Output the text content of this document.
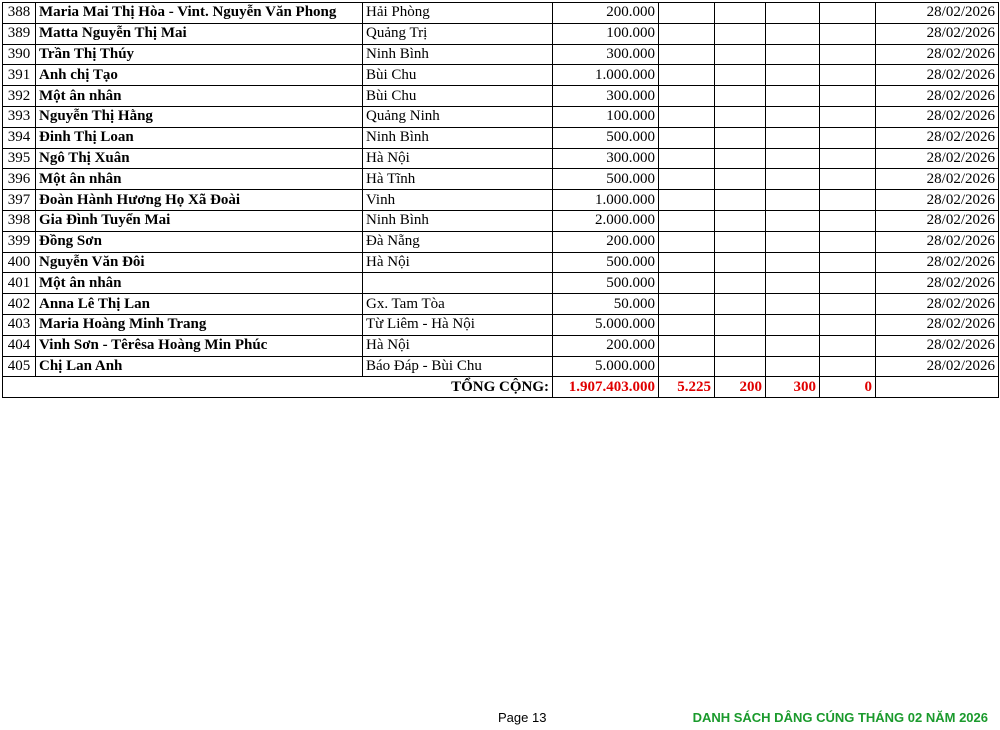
388	Maria Mai Thị Hòa - Vint. Nguyễn Văn Phong	Hải Phòng	200.000					28/02/2026
389	Matta Nguyễn Thị Mai	Quảng Trị	100.000					28/02/2026
390	Trần Thị Thúy	Ninh Bình	300.000					28/02/2026
391	Anh chị Tạo	Bùi Chu	1.000.000					28/02/2026
392	Một ân nhân	Bùi Chu	300.000					28/02/2026
393	Nguyễn Thị Hằng	Quảng Ninh	100.000					28/02/2026
394	Đinh Thị Loan	Ninh Bình	500.000					28/02/2026
395	Ngô Thị Xuân	Hà Nội	300.000					28/02/2026
396	Một ân nhân	Hà Tĩnh	500.000					28/02/2026
397	Đoàn Hành Hương Họ Xã Đoài	Vinh	1.000.000					28/02/2026
398	Gia Đình Tuyển Mai	Ninh Bình	2.000.000					28/02/2026
399	Đồng Sơn	Đà Nẵng	200.000					28/02/2026
400	Nguyễn Văn Đôi	Hà Nội	500.000					28/02/2026
401	Một ân nhân		500.000					28/02/2026
402	Anna Lê Thị Lan	Gx. Tam Tòa	50.000					28/02/2026
403	Maria Hoàng Minh Trang	Từ Liêm - Hà Nội	5.000.000					28/02/2026
404	Vinh Sơn - Têrêsa Hoàng Min Phúc	Hà Nội	200.000					28/02/2026
405	Chị Lan Anh	Báo Đáp - Bùi Chu	5.000.000					28/02/2026
TỔNG CỘNG:			1.907.403.000	5.225	200	300	0	
Page 13	DANH SÁCH DÂNG CÚNG THÁNG 02 NĂM 2026
